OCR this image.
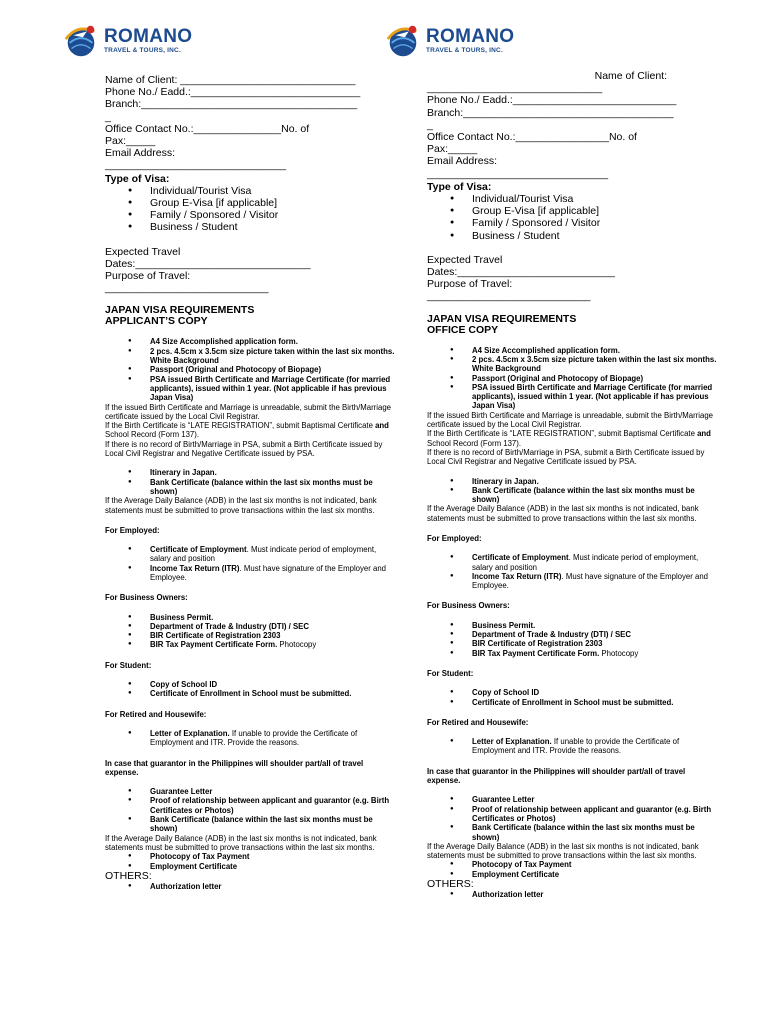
ROMANO
TRAVEL & TOURS, INC.

Name of Client: ______________________________

Phone No./ Eadd.:_____________________________

Branch:_____________________________________

_

Office Contact No.:_______________No. of

Pax:_____

Email Address:

_______________________________

Type of Visa:

● Individual/Tourist Visa
● Group E-Visa [if applicable]
● Family / Sponsored / Visitor
● Business / Student

Expected Travel

Dates:______________________________

Purpose of Travel:

____________________________

JAPAN VISA REQUIREMENTS
APPLICANT’S COPY
● A4 Size Accomplished application form.
● 2 pcs. 4.5cm x 3.5cm size picture taken within the last six months. White Background
● Passport (Original and Photocopy of Biopage)
● PSA issued Birth Certificate and Marriage Certificate (for married applicants), issued within 1 year. (Not applicable if has previous Japan Visa)

If the issued Birth Certificate and Marriage is unreadable, submit the Birth/Marriage certificate issued by the Local Civil Registrar.

If the Birth Certificate is “LATE REGISTRATION”, submit Baptismal Certificate and School Record (Form 137).

If there is no record of Birth/Marriage in PSA, submit a Birth Certificate issued by Local Civil Registrar and Negative Certificate issued by PSA.

● Itinerary in Japan.
● Bank Certificate (balance within the last six months must be shown)

If the Average Daily Balance (ADB) in the last six months is not indicated, bank statements must be submitted to prove transactions within the last six months.

For Employed:

● Certificate of Employment. Must indicate period of employment, salary and position
● Income Tax Return (ITR). Must have signature of the Employer and Employee.

For Business Owners:

● Business Permit.
● Department of Trade & Industry (DTI) / SEC
● BIR Certificate of Registration 2303
● BIR Tax Payment Certificate Form. Photocopy

For Student:

● Copy of School ID
● Certificate of Enrollment in School must be submitted.

For Retired and Housewife:

● Letter of Explanation. If unable to provide the Certificate of Employment and ITR. Provide the reasons.

In case that guarantor in the Philippines will shoulder part/all of travel expense.

● Guarantee Letter
● Proof of relationship between applicant and guarantor (e.g. Birth Certificates or Photos)
● Bank Certificate (balance within the last six months must be shown)

If the Average Daily Balance (ADB) in the last six months is not indicated, bank statements must be submitted to prove transactions within the last six months.

● Photocopy of Tax Payment
● Employment Certificate

OTHERS:

● Authorization letter
ROMANO
TRAVEL & TOURS, INC.

Name of Client:

______________________________

Phone No./ Eadd.:____________________________

Branch:____________________________________

_

Office Contact No.:________________No. of

Pax:_____

Email Address:

_______________________________

Type of Visa:

● Individual/Tourist Visa
● Group E-Visa [if applicable]
● Family / Sponsored / Visitor
● Business / Student

Expected Travel

Dates:___________________________

Purpose of Travel:

____________________________

JAPAN VISA REQUIREMENTS
OFFICE COPY
● A4 Size Accomplished application form.
● 2 pcs. 4.5cm x 3.5cm size picture taken within the last six months. White Background
● Passport (Original and Photocopy of Biopage)
● PSA issued Birth Certificate and Marriage Certificate (for married applicants), issued within 1 year. (Not applicable if has previous Japan Visa)

If the issued Birth Certificate and Marriage is unreadable, submit the Birth/Marriage certificate issued by the Local Civil Registrar.

If the Birth Certificate is “LATE REGISTRATION”, submit Baptismal Certificate and School Record (Form 137).

If there is no record of Birth/Marriage in PSA, submit a Birth Certificate issued by Local Civil Registrar and Negative Certificate issued by PSA.

● Itinerary in Japan.
● Bank Certificate (balance within the last six months must be shown)

If the Average Daily Balance (ADB) in the last six months is not indicated, bank statements must be submitted to prove transactions within the last six months.

For Employed:

● Certificate of Employment. Must indicate period of employment, salary and position
● Income Tax Return (ITR). Must have signature of the Employer and Employee.

For Business Owners:

● Business Permit.
● Department of Trade & Industry (DTI) / SEC
● BIR Certificate of Registration 2303
● BIR Tax Payment Certificate Form. Photocopy

For Student:

● Copy of School ID
● Certificate of Enrollment in School must be submitted.

For Retired and Housewife:

● Letter of Explanation. If unable to provide the Certificate of Employment and ITR. Provide the reasons.

In case that guarantor in the Philippines will shoulder part/all of travel expense.

● Guarantee Letter
● Proof of relationship between applicant and guarantor (e.g. Birth Certificates or Photos)
● Bank Certificate (balance within the last six months must be shown)

If the Average Daily Balance (ADB) in the last six months is not indicated, bank statements must be submitted to prove transactions within the last six months.

● Photocopy of Tax Payment
● Employment Certificate

OTHERS:

● Authorization letter
